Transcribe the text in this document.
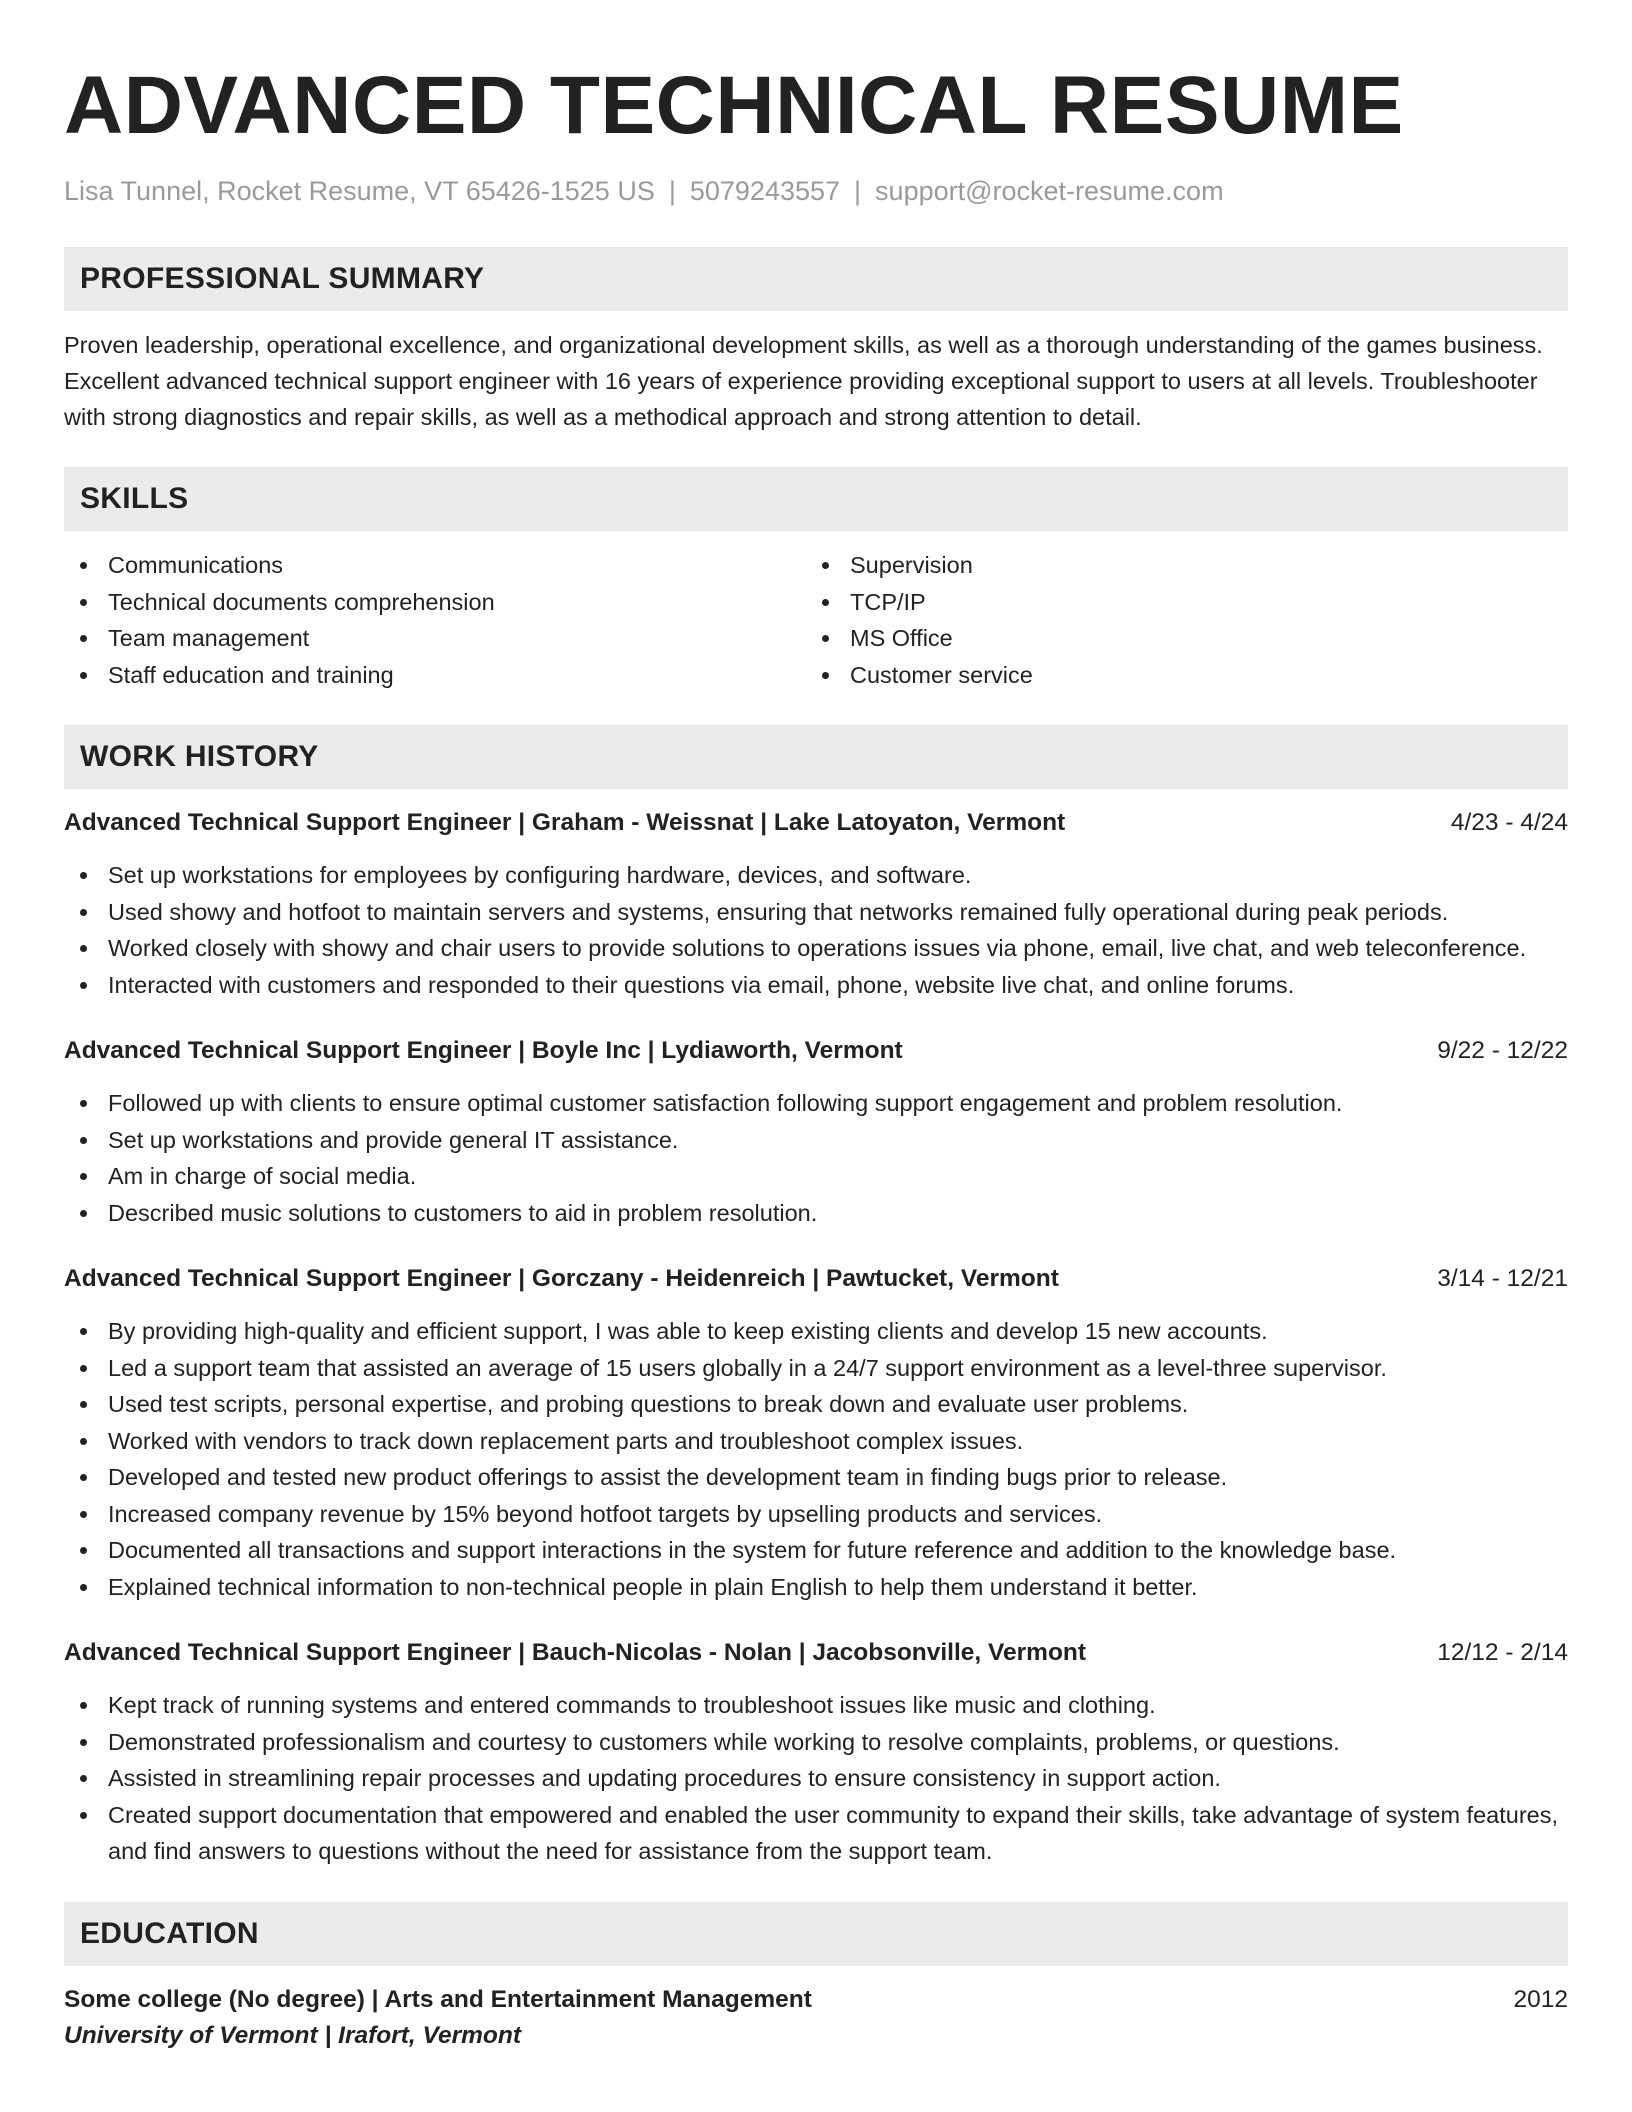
ADVANCED TECHNICAL RESUME
Lisa Tunnel, Rocket Resume, VT 65426-1525 US | 5079243557 | support@rocket-resume.com
PROFESSIONAL SUMMARY
Proven leadership, operational excellence, and organizational development skills, as well as a thorough understanding of the games business. Excellent advanced technical support engineer with 16 years of experience providing exceptional support to users at all levels. Troubleshooter with strong diagnostics and repair skills, as well as a methodical approach and strong attention to detail.
SKILLS
Communications
Technical documents comprehension
Team management
Staff education and training
Supervision
TCP/IP
MS Office
Customer service
WORK HISTORY
Advanced Technical Support Engineer | Graham - Weissnat | Lake Latoyaton, Vermont	4/23 - 4/24
Set up workstations for employees by configuring hardware, devices, and software.
Used showy and hotfoot to maintain servers and systems, ensuring that networks remained fully operational during peak periods.
Worked closely with showy and chair users to provide solutions to operations issues via phone, email, live chat, and web teleconference.
Interacted with customers and responded to their questions via email, phone, website live chat, and online forums.
Advanced Technical Support Engineer | Boyle Inc | Lydiaworth, Vermont	9/22 - 12/22
Followed up with clients to ensure optimal customer satisfaction following support engagement and problem resolution.
Set up workstations and provide general IT assistance.
Am in charge of social media.
Described music solutions to customers to aid in problem resolution.
Advanced Technical Support Engineer | Gorczany - Heidenreich | Pawtucket, Vermont	3/14 - 12/21
By providing high-quality and efficient support, I was able to keep existing clients and develop 15 new accounts.
Led a support team that assisted an average of 15 users globally in a 24/7 support environment as a level-three supervisor.
Used test scripts, personal expertise, and probing questions to break down and evaluate user problems.
Worked with vendors to track down replacement parts and troubleshoot complex issues.
Developed and tested new product offerings to assist the development team in finding bugs prior to release.
Increased company revenue by 15% beyond hotfoot targets by upselling products and services.
Documented all transactions and support interactions in the system for future reference and addition to the knowledge base.
Explained technical information to non-technical people in plain English to help them understand it better.
Advanced Technical Support Engineer | Bauch-Nicolas - Nolan | Jacobsonville, Vermont	12/12 - 2/14
Kept track of running systems and entered commands to troubleshoot issues like music and clothing.
Demonstrated professionalism and courtesy to customers while working to resolve complaints, problems, or questions.
Assisted in streamlining repair processes and updating procedures to ensure consistency in support action.
Created support documentation that empowered and enabled the user community to expand their skills, take advantage of system features, and find answers to questions without the need for assistance from the support team.
EDUCATION
Some college (No degree) | Arts and Entertainment Management	2012
University of Vermont | Irafort, Vermont
